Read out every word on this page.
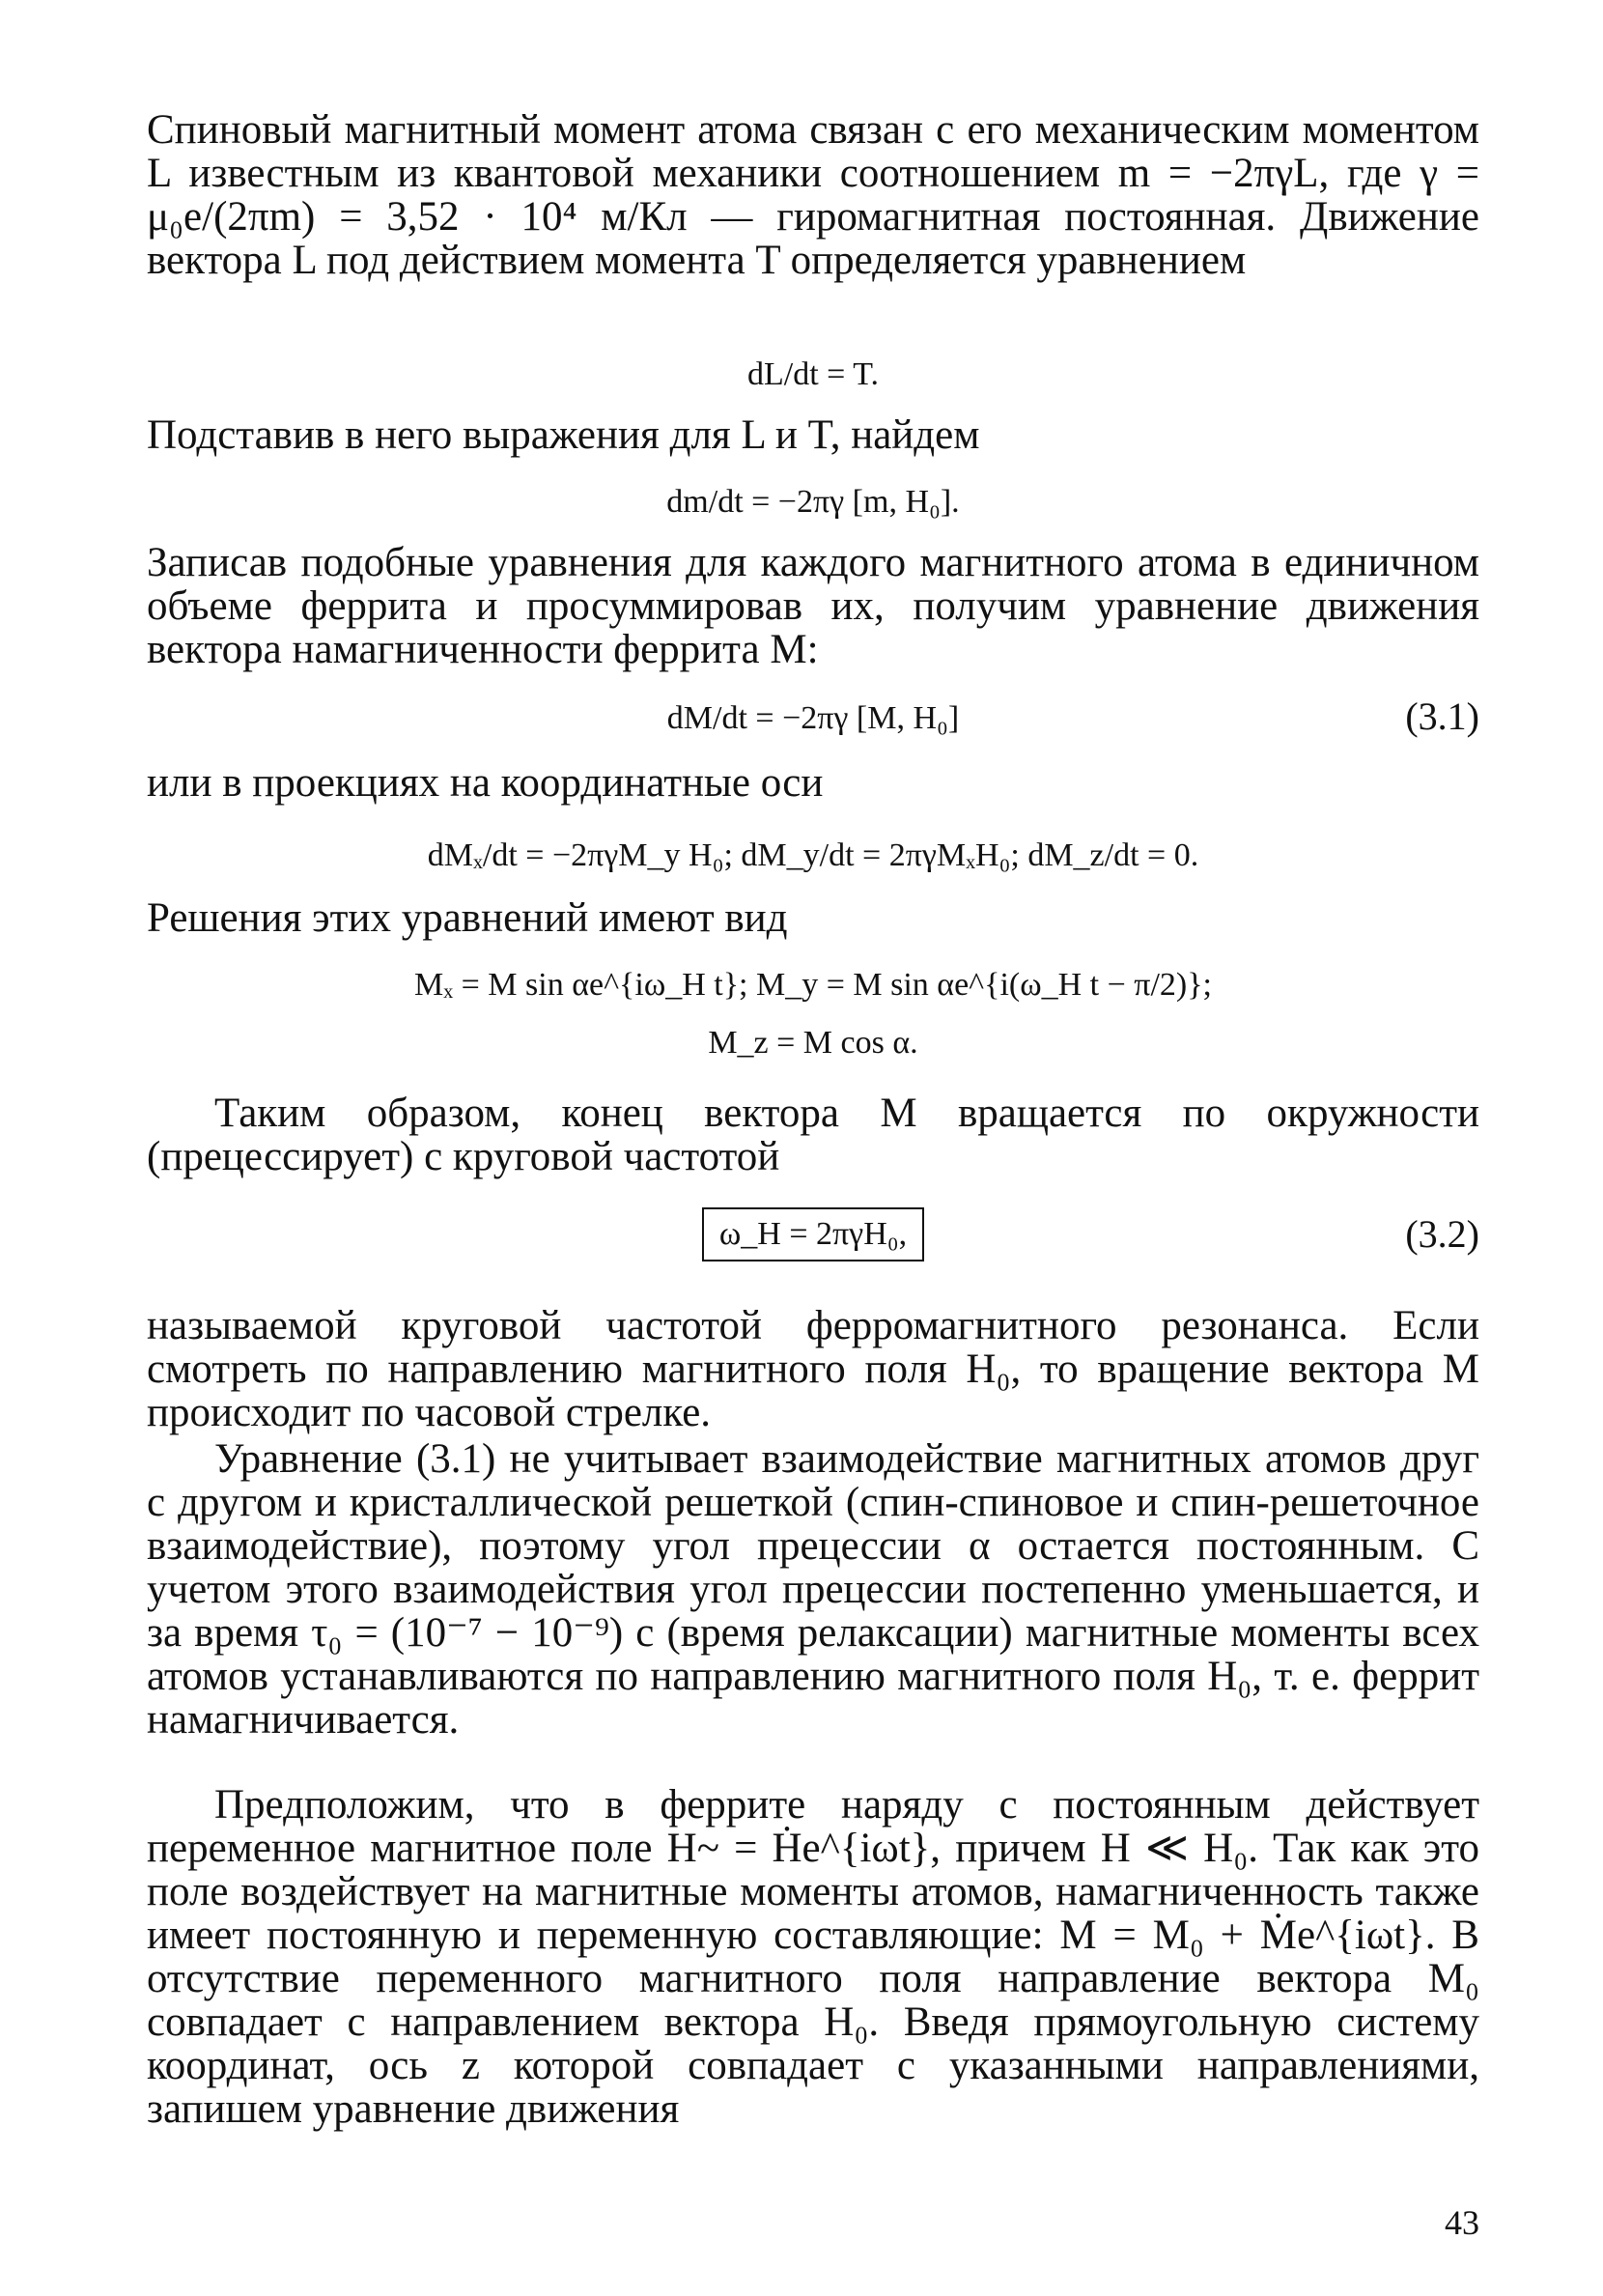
Спиновый магнитный момент атома связан с его механическим моментом L известным из квантовой механики соотношением m = −2πγL, где γ = μ₀e/(2πm) = 3,52 · 10⁴ м/Кл — гиромагнитная постоянная. Движение вектора L под действием момента T определяется уравнением

dL/dt = T.

Подставив в него выражения для L и T, найдем

dm/dt = −2πγ [m, H₀].

Записав подобные уравнения для каждого магнитного атома в единичном объеме феррита и просуммировав их, получим уравнение движения вектора намагниченности феррита M:

dM/dt = −2πγ [M, H₀]	(3.1)

или в проекциях на координатные оси

dMₓ/dt = −2πγM_y H₀; dM_y/dt = 2πγMₓH₀; dM_z/dt = 0.

Решения этих уравнений имеют вид

Mₓ = M sin αe^{iω_H t}; M_y = M sin αe^{i(ω_H t − π/2)};
M_z = M cos α.

Таким образом, конец вектора M вращается по окружности (прецессирует) с круговой частотой

ω_H = 2πγH₀,	(3.2)

называемой круговой частотой ферромагнитного резонанса. Если смотреть по направлению магнитного поля H₀, то вращение вектора M происходит по часовой стрелке.

Уравнение (3.1) не учитывает взаимодействие магнитных атомов друг с другом и кристаллической решеткой (спин-спиновое и спин-решеточное взаимодействие), поэтому угол прецессии α остается постоянным. С учетом этого взаимодействия угол прецессии постепенно уменьшается, и за время τ₀ = (10⁻⁷ − 10⁻⁹) с (время релаксации) магнитные моменты всех атомов устанавливаются по направлению магнитного поля H₀, т. е. феррит намагничивается.

Предположим, что в феррите наряду с постоянным действует переменное магнитное поле H~ = Ḣe^{iωt}, причем H ≪ H₀. Так как это поле воздействует на магнитные моменты атомов, намагниченность также имеет постоянную и переменную составляющие: M = M₀ + Ṁe^{iωt}. В отсутствие переменного магнитного поля направление вектора M₀ совпадает с направлением вектора H₀. Введя прямоугольную систему координат, ось z которой совпадает с указанными направлениями, запишем уравнение движения

43
